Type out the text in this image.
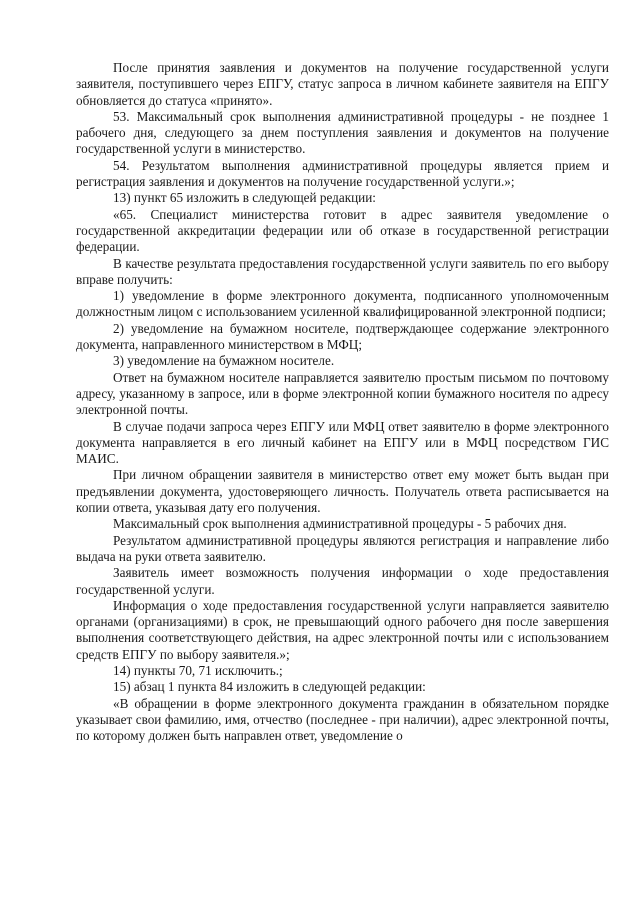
После принятия заявления и документов на получение государственной услуги заявителя, поступившего через ЕПГУ, статус запроса в личном кабинете заявителя на ЕПГУ обновляется до статуса «принято».

53. Максимальный срок выполнения административной процедуры - не позднее 1 рабочего дня, следующего за днем поступления заявления и документов на получение государственной услуги в министерство.

54. Результатом выполнения административной процедуры является прием и регистрация заявления и документов на получение государственной услуги.»;

13) пункт 65 изложить в следующей редакции:

«65. Специалист министерства готовит в адрес заявителя уведомление о государственной аккредитации федерации или об отказе в государственной регистрации федерации.

В качестве результата предоставления государственной услуги заявитель по его выбору вправе получить:

1) уведомление в форме электронного документа, подписанного уполномоченным должностным лицом с использованием усиленной квалифицированной электронной подписи;

2) уведомление на бумажном носителе, подтверждающее содержание электронного документа, направленного министерством в МФЦ;

3) уведомление на бумажном носителе.

Ответ на бумажном носителе направляется заявителю простым письмом по почтовому адресу, указанному в запросе, или в форме электронной копии бумажного носителя по адресу электронной почты.

В случае подачи запроса через ЕПГУ или МФЦ ответ заявителю в форме электронного документа направляется в его личный кабинет на ЕПГУ или в МФЦ посредством ГИС МАИС.

При личном обращении заявителя в министерство ответ ему может быть выдан при предъявлении документа, удостоверяющего личность. Получатель ответа расписывается на копии ответа, указывая дату его получения.

Максимальный срок выполнения административной процедуры - 5 рабочих дня.

Результатом административной процедуры являются регистрация и направление либо выдача на руки ответа заявителю.

Заявитель имеет возможность получения информации о ходе предоставления государственной услуги.

Информация о ходе предоставления государственной услуги направляется заявителю органами (организациями) в срок, не превышающий одного рабочего дня после завершения выполнения соответствующего действия, на адрес электронной почты или с использованием средств ЕПГУ по выбору заявителя.»;

14) пункты 70, 71 исключить.;

15) абзац 1 пункта 84 изложить в следующей редакции:

«В обращении в форме электронного документа гражданин в обязательном порядке указывает свои фамилию, имя, отчество (последнее - при наличии), адрес электронной почты, по которому должен быть направлен ответ, уведомление о
